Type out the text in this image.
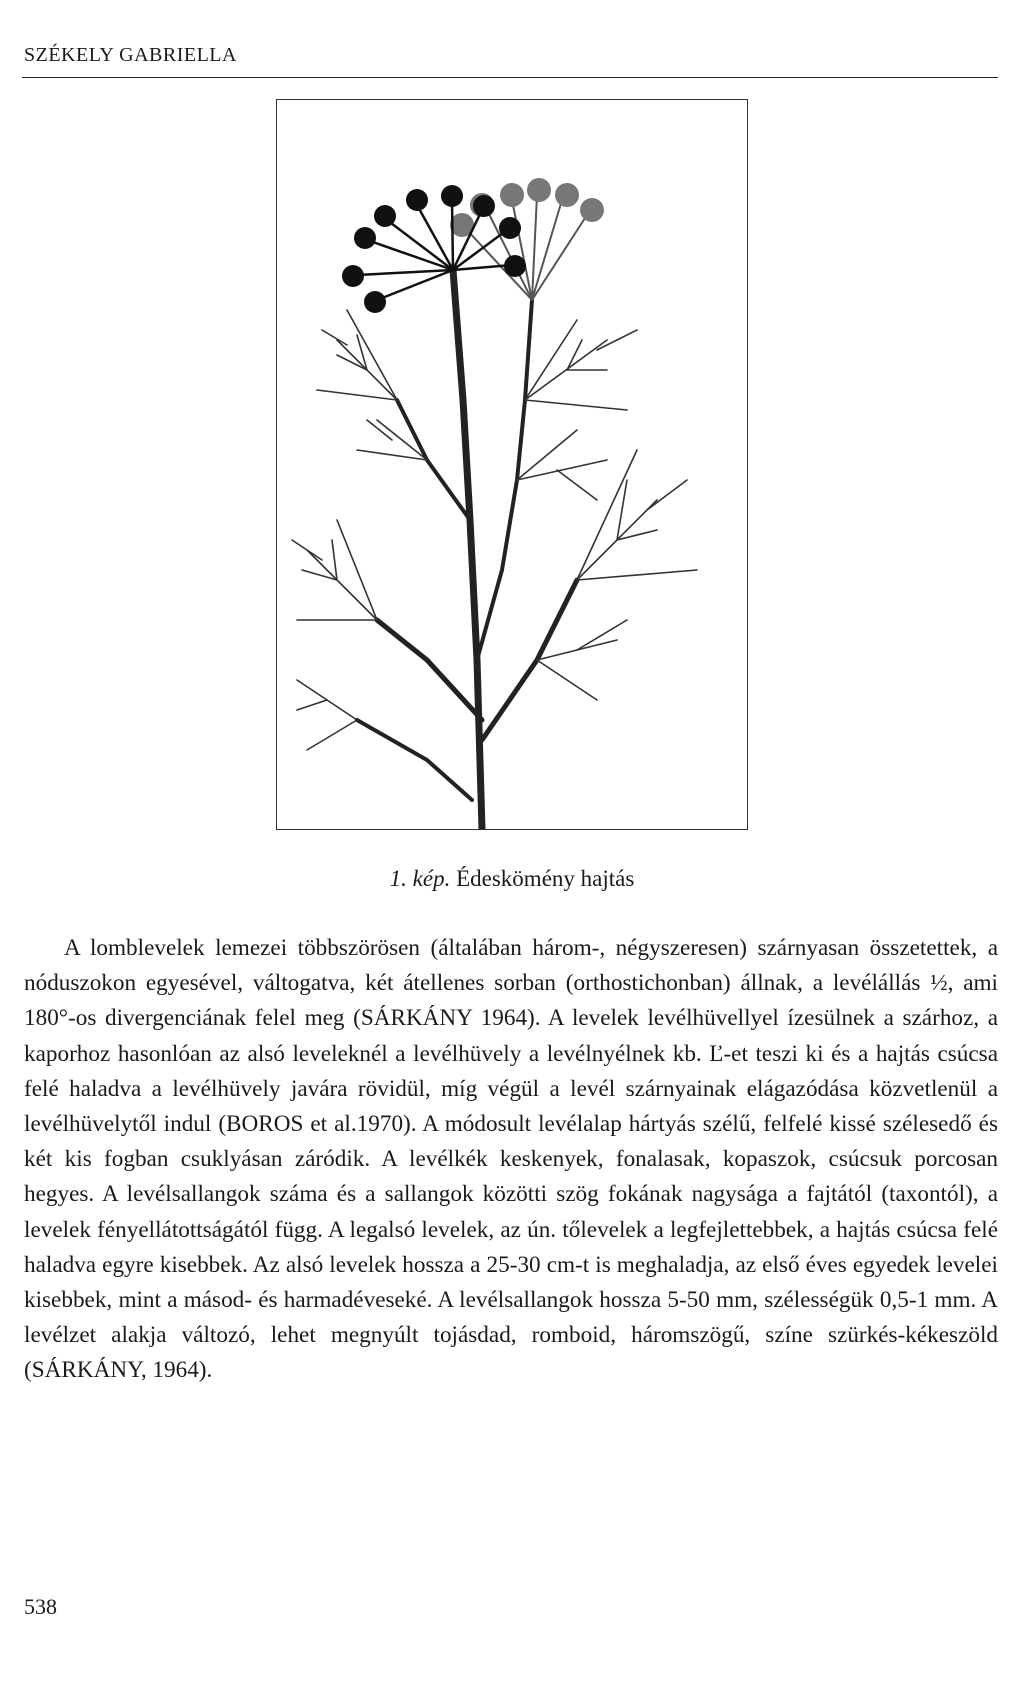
SZÉKELY GABRIELLA
1. kép. Édeskömény hajtás

A lomblevelek lemezei többszörösen (általában három-, négyszeresen) szárnyasan összetettek, a nóduszokon egyesével, váltogatva, két átellenes sorban (orthostichonban) állnak, a levélállás ½, ami 180°-os divergenciának felel meg (SÁRKÁNY 1964). A levelek levélhüvellyel ízesülnek a szárhoz, a kaporhoz hasonlóan az alsó leveleknél a levélhüvely a levélnyélnek kb. Ľ-et teszi ki és a hajtás csúcsa felé haladva a levélhüvely javára rövidül, míg végül a levél szárnyainak elágazódása közvetlenül a levélhüvelytől indul (BOROS et al.1970). A módosult levélalap hártyás szélű, felfelé kissé szélesedő és két kis fogban csuklyásan záródik. A levélkék keskenyek, fonalasak, kopaszok, csúcsuk porcosan hegyes. A levélsallangok száma és a sallangok közötti szög fokának nagysága a fajtától (taxontól), a levelek fényellátottságától függ. A legalsó levelek, az ún. tőlevelek a legfejlettebbek, a hajtás csúcsa felé haladva egyre kisebbek. Az alsó levelek hossza a 25-30 cm-t is meghaladja, az első éves egyedek levelei kisebbek, mint a másod- és harmadéveseké. A levélsallangok hossza 5-50 mm, szélességük 0,5-1 mm. A levélzet alakja változó, lehet megnyúlt tojásdad, romboid, háromszögű, színe szürkés-kékeszöld (SÁRKÁNY, 1964).

538
